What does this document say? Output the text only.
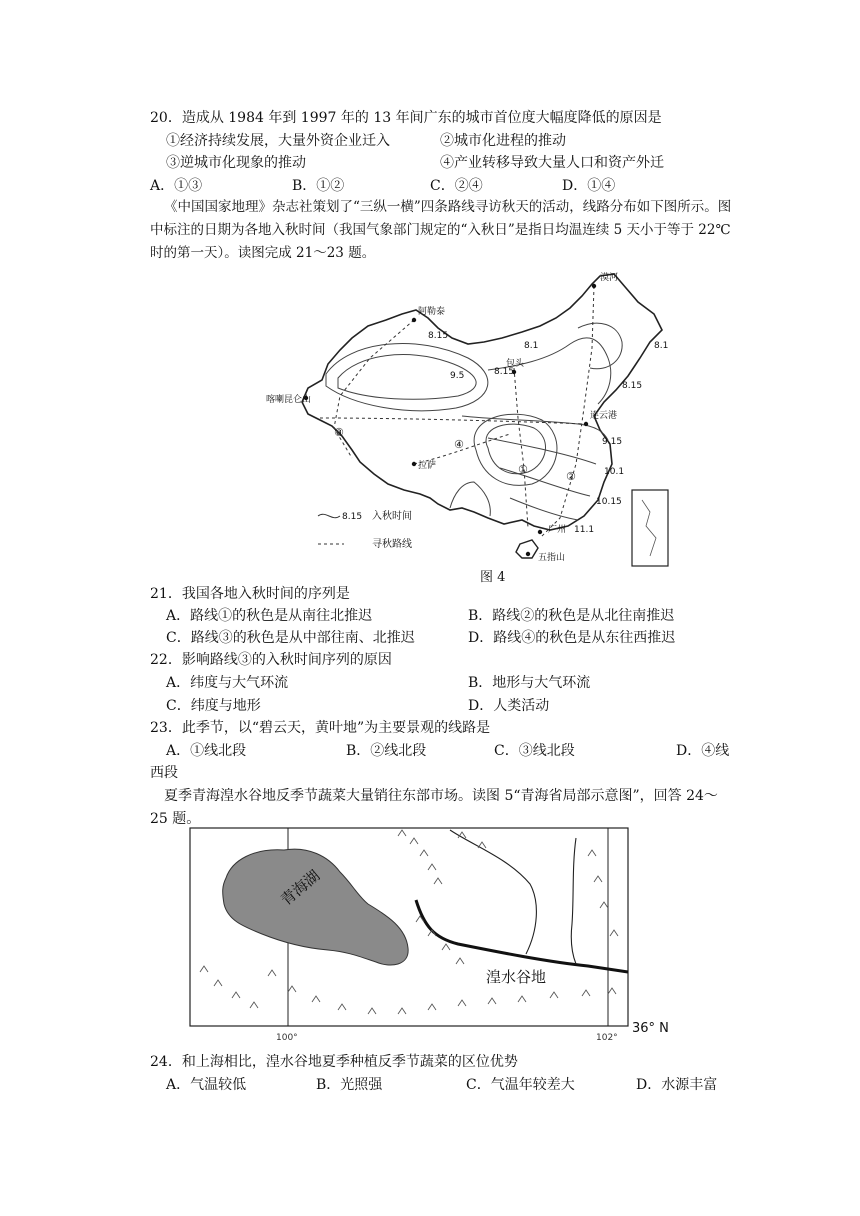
20．造成从 1984 年到 1997 年的 13 年间广东的城市首位度大幅度降低的原因是
①经济持续发展，大量外资企业迁入	②城市化进程的推动
③逆城市化现象的推动	④产业转移导致大量人口和资产外迁
A．①③	B．①②	C．②④	D．①④
《中国国家地理》杂志社策划了“三纵一横”四条路线寻访秋天的活动，线路分布如下图所示。图中标注的日期为各地入秋时间（我国气象部门规定的“入秋日”是指日均温连续 5 天小于等于 22℃时的第一天）。读图完成 21～23 题。
漠河
阿勒泰
喀喇昆仑山
包头
拉萨
连云港
广州
五指山
8.15
8.1	8.1
9.5	8.15
8.15
9.15
10.1
10.15
11.1
①
②
③
④
8.15 入秋时间
寻秋路线
图 4
21．我国各地入秋时间的序列是
A．路线①的秋色是从南往北推迟	B．路线②的秋色是从北往南推迟
C．路线③的秋色是从中部往南、北推迟	D．路线④的秋色是从东往西推迟
22．影响路线③的入秋时间序列的原因
A．纬度与大气环流	B．地形与大气环流
C．纬度与地形	D．人类活动
23．此季节，以“碧云天，黄叶地”为主要景观的线路是
A．①线北段	B．②线北段	C．③线北段	D．④线
西段
夏季青海湟水谷地反季节蔬菜大量销往东部市场。读图 5“青海省局部示意图”，回答 24～25 题。
青海湖
湟水谷地
100°	102°
36° N
24．和上海相比，湟水谷地夏季种植反季节蔬菜的区位优势
A．气温较低	B．光照强	C．气温年较差大	D．水源丰富
